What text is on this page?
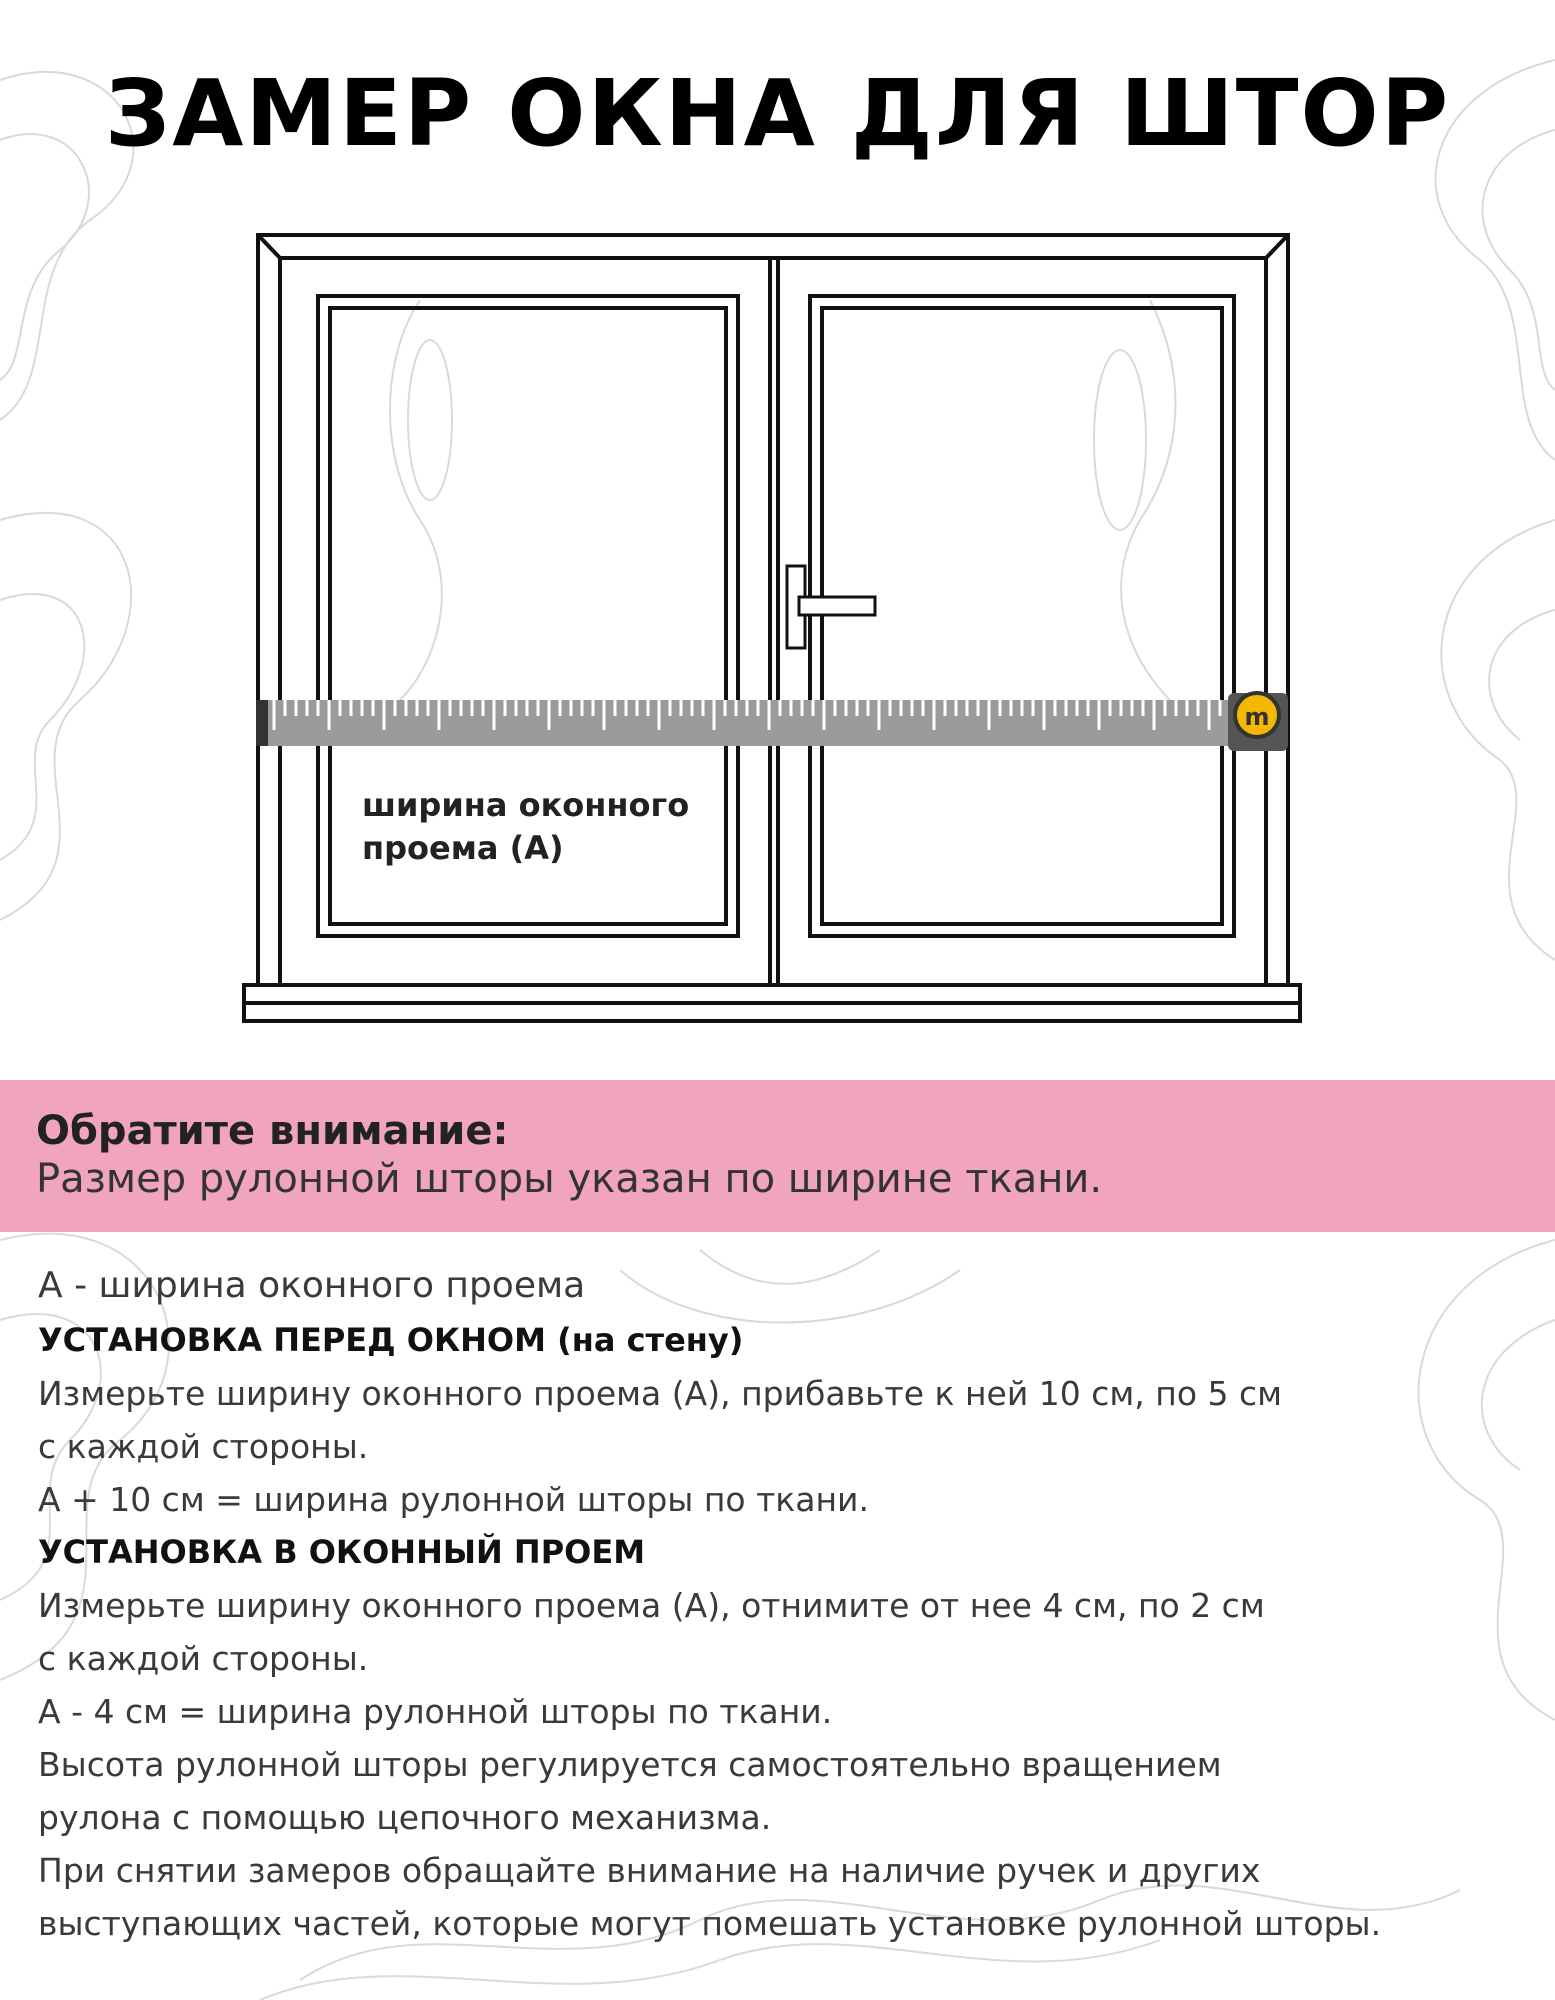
ЗАМЕР ОКНА ДЛЯ ШТОР
m
ширина оконного
проема (А)
Обратите внимание:
Размер рулонной шторы указан по ширине ткани.
А - ширина оконного проема
УСТАНОВКА ПЕРЕД ОКНОМ (на стену)
Измерьте ширину оконного проема (А), прибавьте к ней 10 см, по 5 см
с каждой стороны.
А + 10 см = ширина рулонной шторы по ткани.
УСТАНОВКА В ОКОННЫЙ ПРОЕМ
Измерьте ширину оконного проема (А), отнимите от нее 4 см, по 2 см
с каждой стороны.
А - 4 см = ширина рулонной шторы по ткани.
Высота рулонной шторы регулируется самостоятельно вращением
рулона с помощью цепочного механизма.
При снятии замеров обращайте внимание на наличие ручек и других
выступающих частей, которые могут помешать установке рулонной шторы.
